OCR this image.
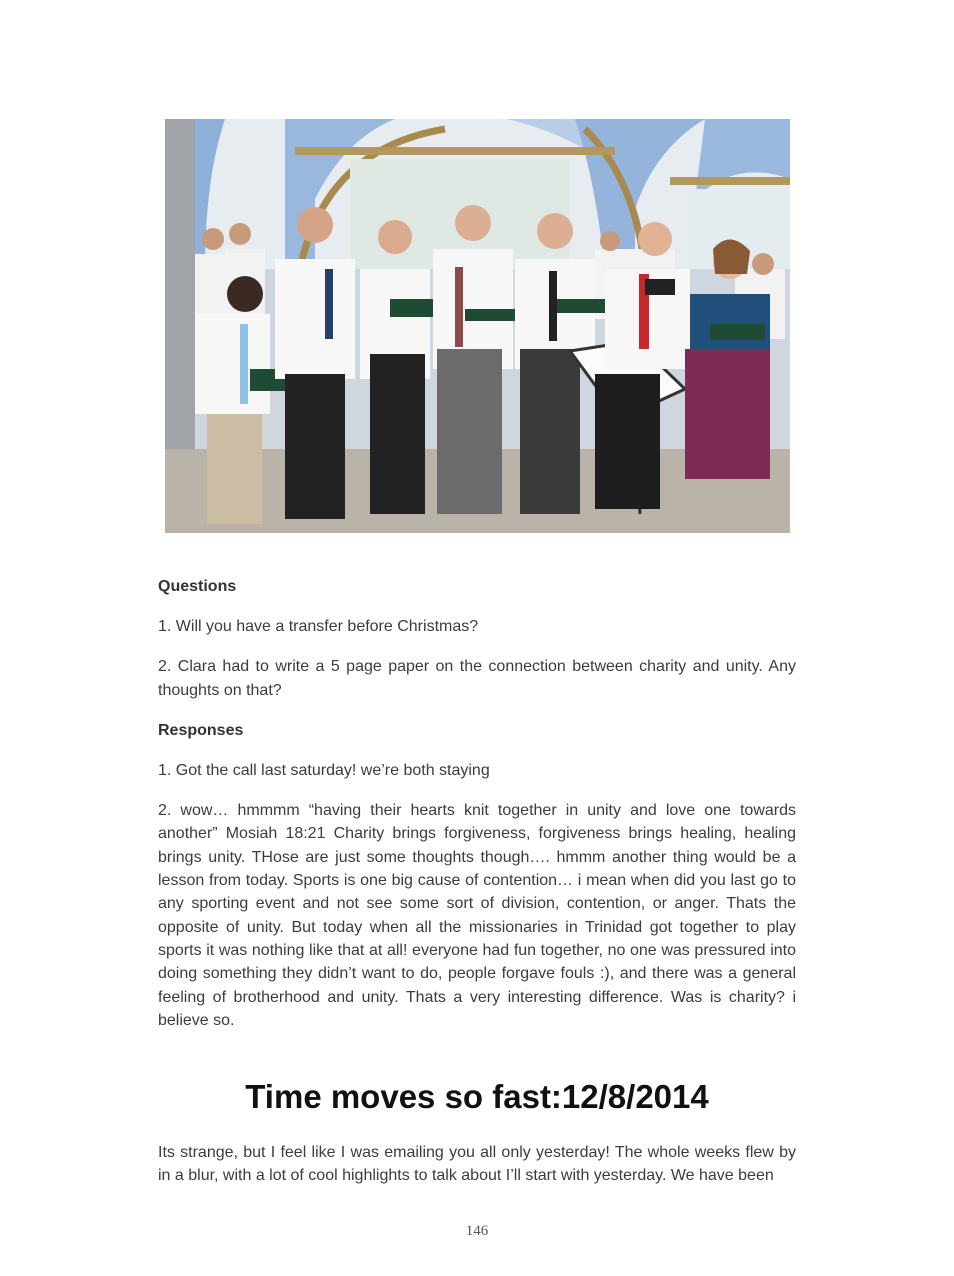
Questions

1. Will you have a transfer before Christmas?

2. Clara had to write a 5 page paper on the connection between charity and unity. Any thoughts on that?

Responses

1. Got the call last saturday! we’re both staying

2. wow… hmmmm “having their hearts knit together in unity and love one towards another” Mosiah 18:21 Charity brings forgiveness, forgiveness brings healing, healing brings unity. THose are just some thoughts though…. hmmm another thing would be a lesson from today. Sports is one big cause of contention… i mean when did you last go to any sporting event and not see some sort of division, contention, or anger. Thats the opposite of unity. But today when all the missionaries in Trinidad got together to play sports it was nothing like that at all! everyone had fun together, no one was pressured into doing something they didn’t want to do, people forgave fouls :), and there was a general feeling of brotherhood and unity. Thats a very interesting difference. Was is charity? i believe so.

Time moves so fast:12/8/2014

Its strange, but I feel like I was emailing you all only yesterday! The whole weeks flew by in a blur, with a lot of cool highlights to talk about I’ll start with yesterday. We have been

146
